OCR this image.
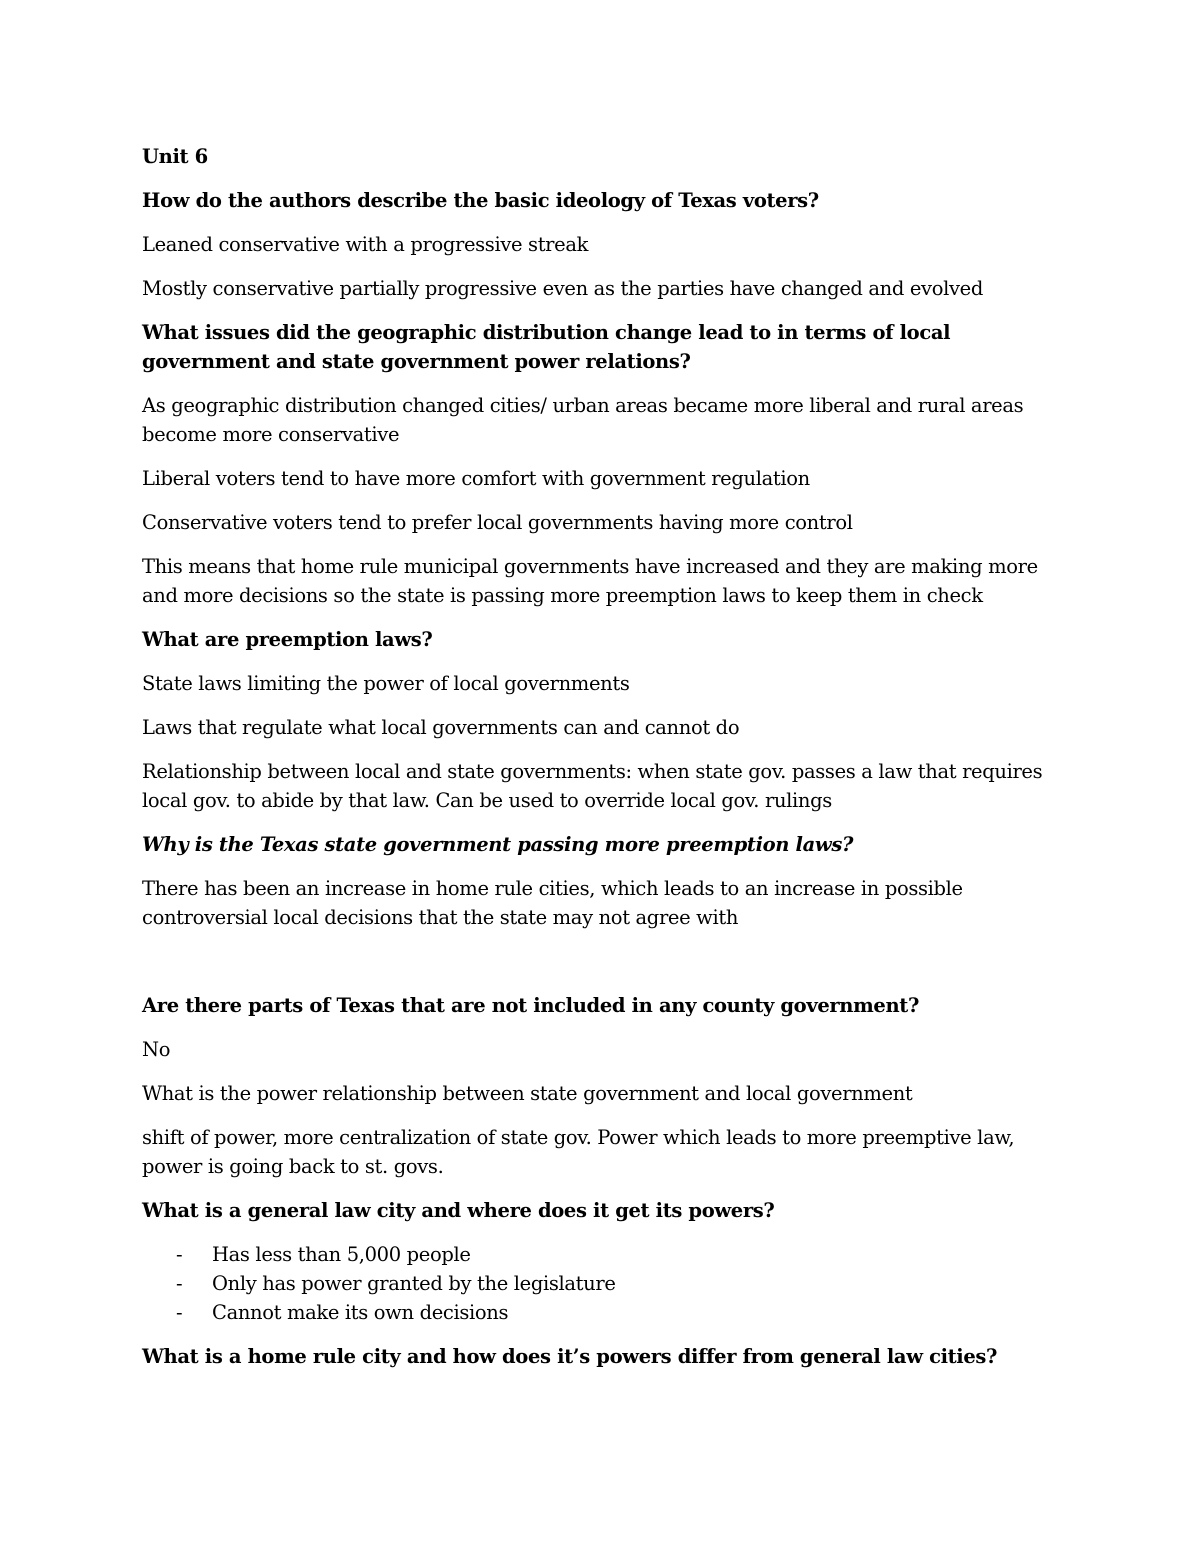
Unit 6

How do the authors describe the basic ideology of Texas voters?

Leaned conservative with a progressive streak

Mostly conservative partially progressive even as the parties have changed and evolved

What issues did the geographic distribution change lead to in terms of local government and state government power relations?

As geographic distribution changed cities/ urban areas became more liberal and rural areas become more conservative

Liberal voters tend to have more comfort with government regulation

Conservative voters tend to prefer local governments having more control

This means that home rule municipal governments have increased and they are making more and more decisions so the state is passing more preemption laws to keep them in check

What are preemption laws?

State laws limiting the power of local governments

Laws that regulate what local governments can and cannot do

Relationship between local and state governments: when state gov. passes a law that requires local gov. to abide by that law. Can be used to override local gov. rulings

Why is the Texas state government passing more preemption laws?

There has been an increase in home rule cities, which leads to an increase in possible controversial local decisions that the state may not agree with

Are there parts of Texas that are not included in any county government?

No

What is the power relationship between state government and local government

shift of power, more centralization of state gov. Power which leads to more preemptive law, power is going back to st. govs.

What is a general law city and where does it get its powers?

- Has less than 5,000 people
- Only has power granted by the legislature
- Cannot make its own decisions

What is a home rule city and how does it’s powers differ from general law cities?
